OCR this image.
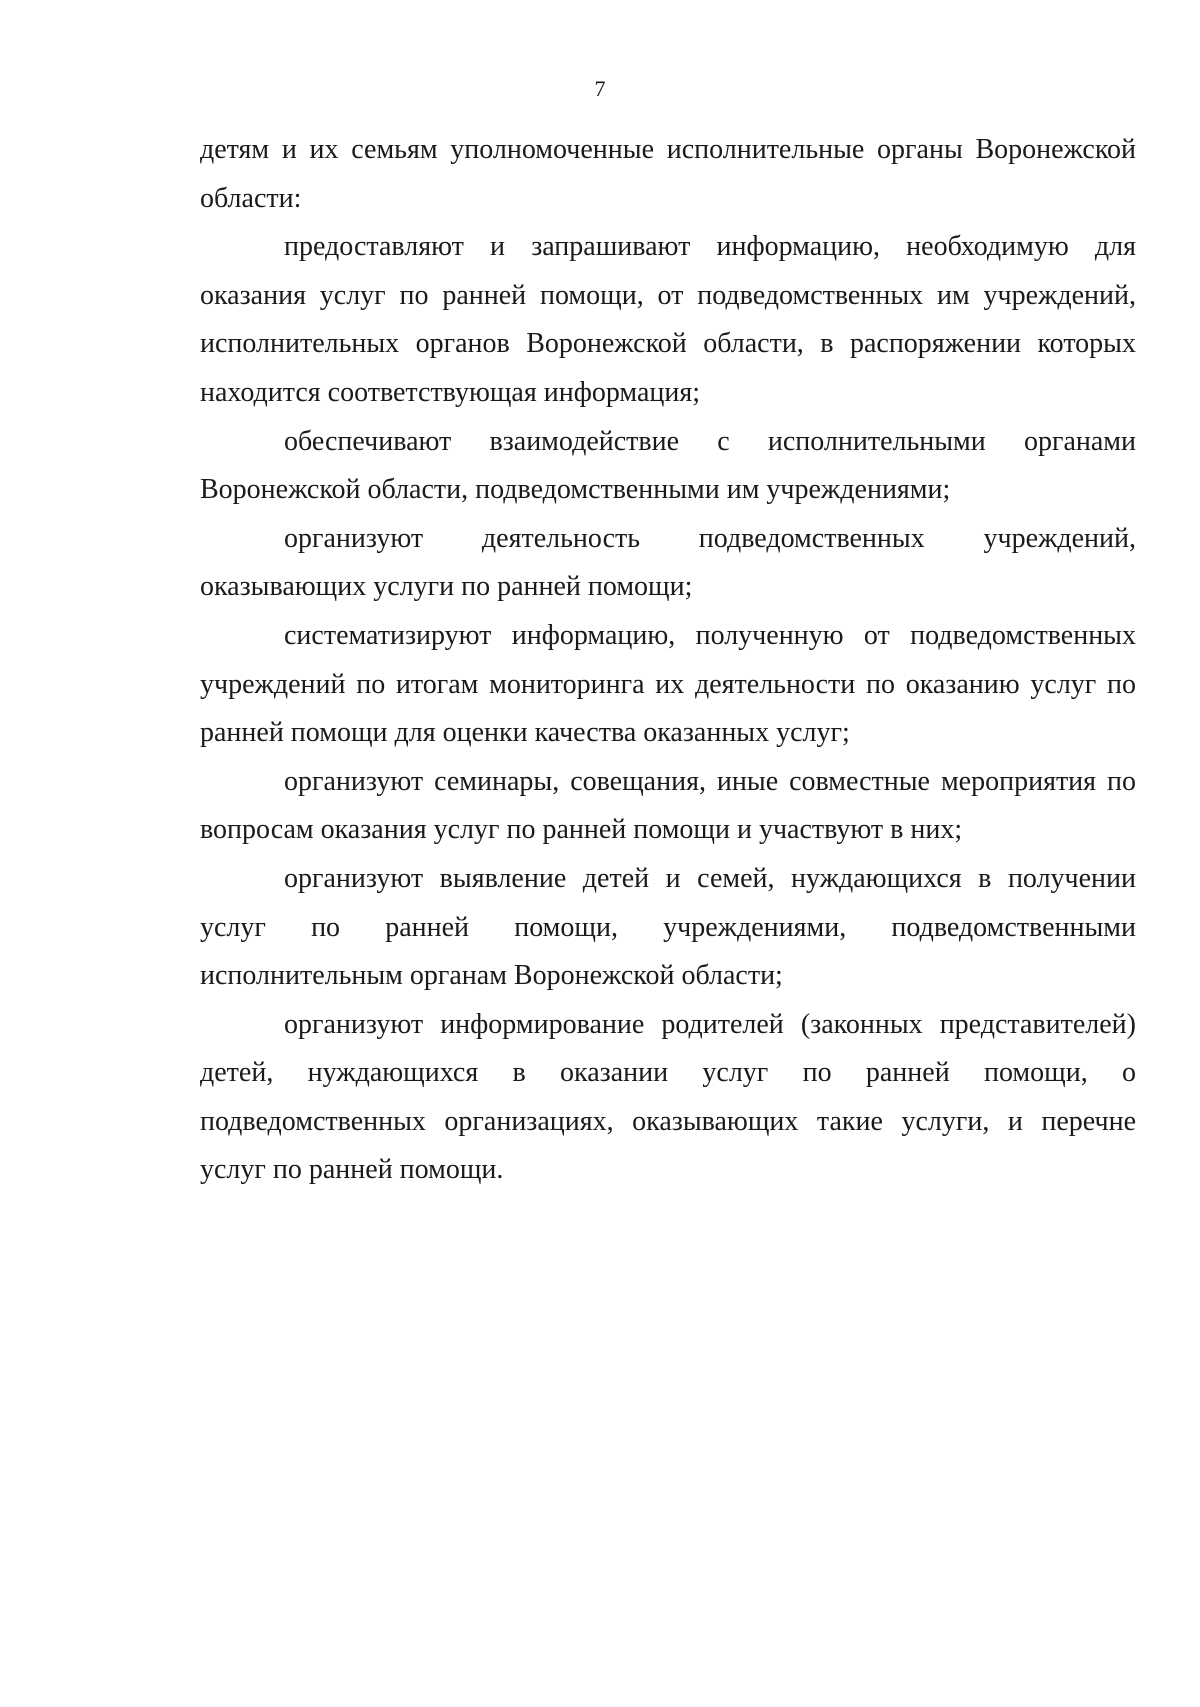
7

детям и их семьям уполномоченные исполнительные органы Воронежской области:

предоставляют и запрашивают информацию, необходимую для оказания услуг по ранней помощи, от подведомственных им учреждений, исполнительных органов Воронежской области, в распоряжении которых находится соответствующая информация;

обеспечивают взаимодействие с исполнительными органами Воронежской области, подведомственными им учреждениями;

организуют деятельность подведомственных учреждений, оказывающих услуги по ранней помощи;

систематизируют информацию, полученную от подведомственных учреждений по итогам мониторинга их деятельности по оказанию услуг по ранней помощи для оценки качества оказанных услуг;

организуют семинары, совещания, иные совместные мероприятия по вопросам оказания услуг по ранней помощи и участвуют в них;

организуют выявление детей и семей, нуждающихся в получении услуг по ранней помощи, учреждениями, подведомственными исполнительным органам Воронежской области;

организуют информирование родителей (законных представителей) детей, нуждающихся в оказании услуг по ранней помощи, о подведомственных организациях, оказывающих такие услуги, и перечне услуг по ранней помощи.
